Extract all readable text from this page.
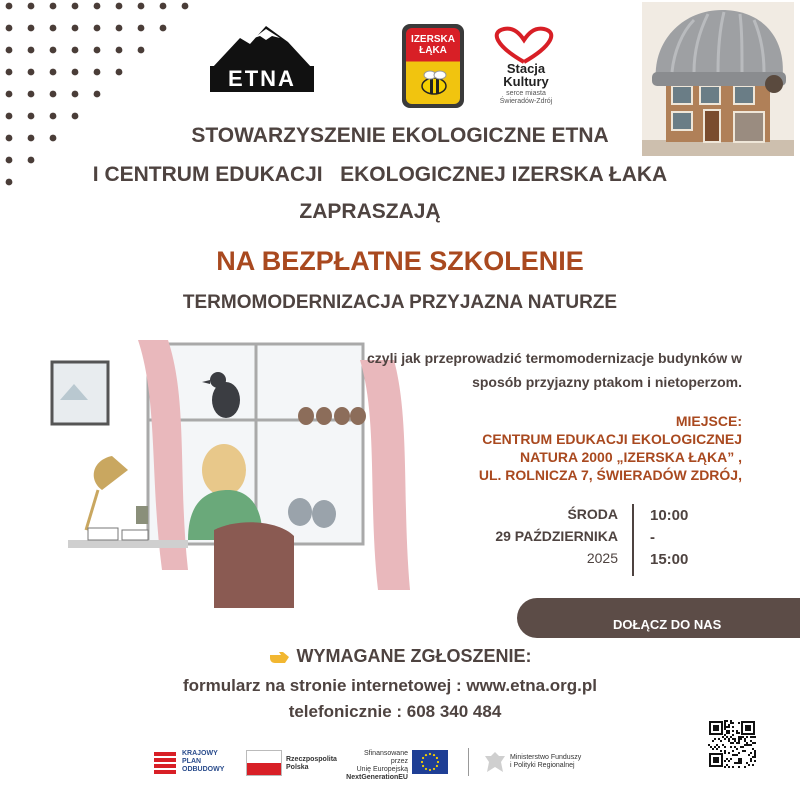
ETNA
IZERSKA
ŁĄKA
Stacja
Kultury
serce miasta
Świeradów-Zdrój
STOWARZYSZENIE EKOLOGICZNE ETNA
I CENTRUM EDUKACJI   EKOLOGICZNEJ IZERSKA ŁAKA
ZAPRASZAJĄ
NA BEZPŁATNE SZKOLENIE
TERMOMODERNIZACJA PRZYJAZNA NATURZE
czyli jak przeprowadzić termomodernizacje budynków w
sposób przyjazny ptakom i nietoperzom.
MIEJSCE:
CENTRUM EDUKACJI EKOLOGICZNEJ
NATURA 2000 „IZERSKA ŁĄKA” ,
UL. ROLNICZA 7, ŚWIERADÓW ZDRÓJ,
ŚRODA
29 PAŹDZIERNIKA
2025
10:00
-
15:00
DOŁĄCZ DO NAS
WYMAGANE ZGŁOSZENIE:
formularz na stronie internetowej : www.etna.org.pl
telefonicznie : 608 340 484
KRAJOWY
PLAN
ODBUDOWY
Rzeczpospolita
Polska
Sfinansowane przez
Unię Europejską
NextGenerationEU
Ministerstwo Funduszy
i Polityki Regionalnej
